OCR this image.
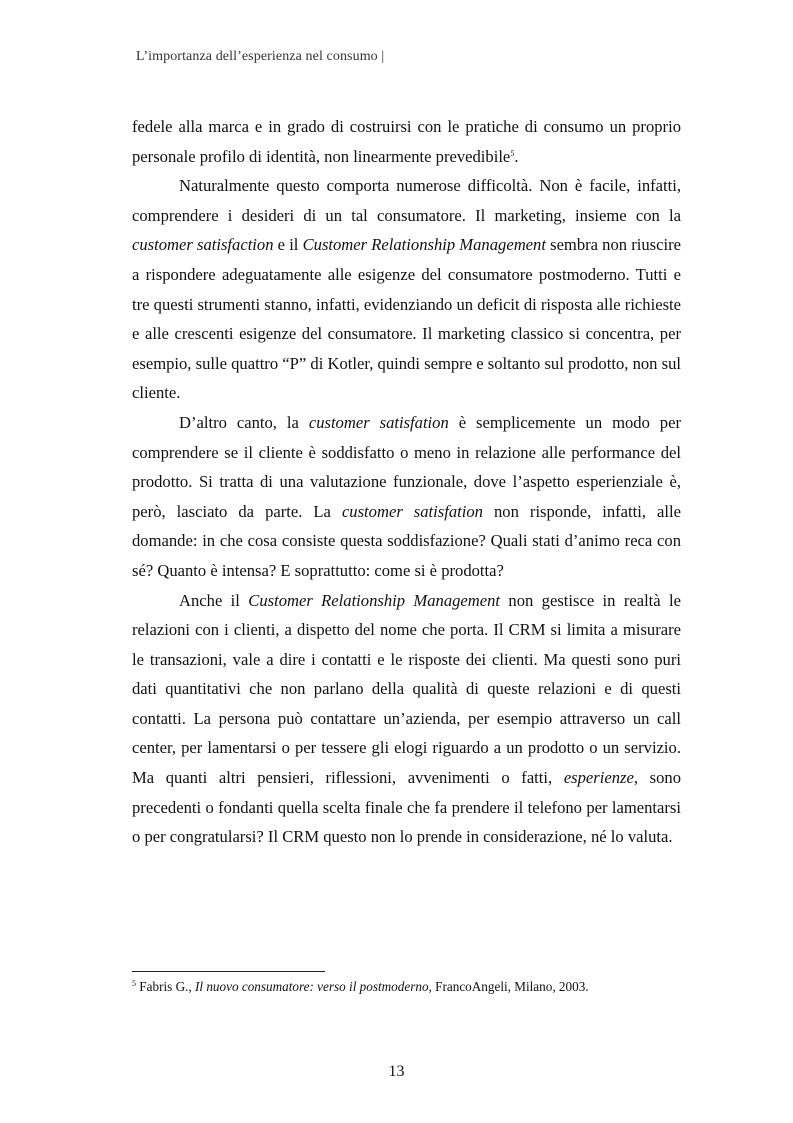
L’importanza dell’esperienza nel consumo |

fedele alla marca e in grado di costruirsi con le pratiche di consumo un proprio personale profilo di identità, non linearmente prevedibile$^5$.

Naturalmente questo comporta numerose difficoltà. Non è facile, infatti, comprendere i desideri di un tal consumatore. Il marketing, insieme con la customer satisfaction e il Customer Relationship Management sembra non riuscire a rispondere adeguatamente alle esigenze del consumatore postmoderno. Tutti e tre questi strumenti stanno, infatti, evidenziando un deficit di risposta alle richieste e alle crescenti esigenze del consumatore. Il marketing classico si concentra, per esempio, sulle quattro “P” di Kotler, quindi sempre e soltanto sul prodotto, non sul cliente.

D’altro canto, la customer satisfation è semplicemente un modo per comprendere se il cliente è soddisfatto o meno in relazione alle performance del prodotto. Si tratta di una valutazione funzionale, dove l’aspetto esperienziale è, però, lasciato da parte. La customer satisfation non risponde, infatti, alle domande: in che cosa consiste questa soddisfazione? Quali stati d’animo reca con sé? Quanto è intensa? E soprattutto: come si è prodotta?

Anche il Customer Relationship Management non gestisce in realtà le relazioni con i clienti, a dispetto del nome che porta. Il CRM si limita a misurare le transazioni, vale a dire i contatti e le risposte dei clienti. Ma questi sono puri dati quantitativi che non parlano della qualità di queste relazioni e di questi contatti. La persona può contattare un’azienda, per esempio attraverso un call center, per lamentarsi o per tessere gli elogi riguardo a un prodotto o un servizio. Ma quanti altri pensieri, riflessioni, avvenimenti o fatti, esperienze, sono precedenti o fondanti quella scelta finale che fa prendere il telefono per lamentarsi o per congratularsi? Il CRM questo non lo prende in considerazione, né lo valuta.

$^5$ Fabris G., Il nuovo consumatore: verso il postmoderno, FrancoAngeli, Milano, 2003.
13
